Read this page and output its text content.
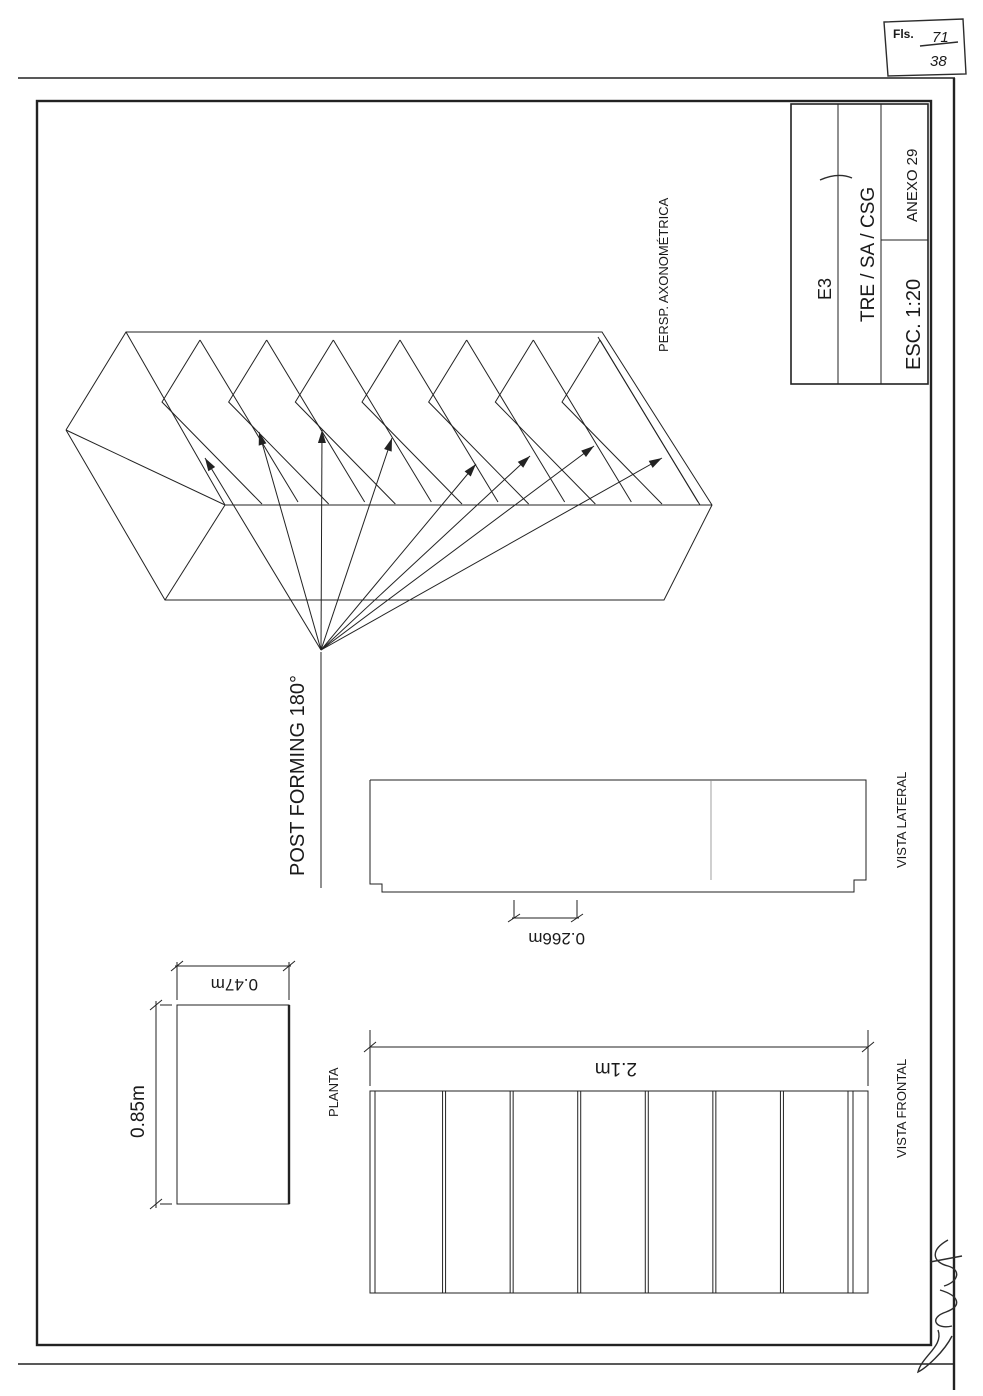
Fls. 71
38
E3 TRE / SA / CSG
ESC. 1:20
ANEXO 29
PERSP. AXONOMÉTRICA
POST FORMING 180°
0.266m
VISTA LATERAL
0.47m
0.85m	PLANTA	2.1m	VISTA FRONTAL
